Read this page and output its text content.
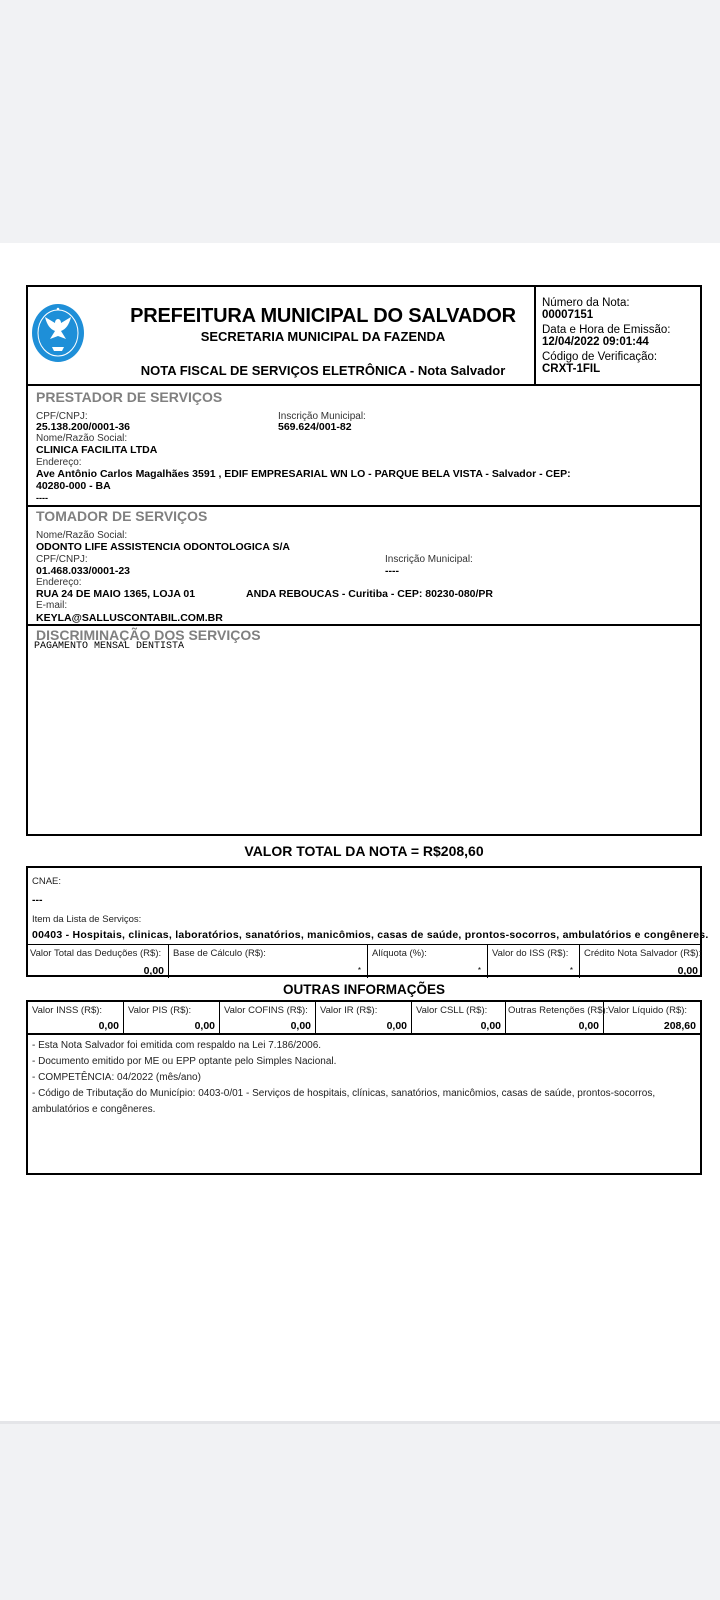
PREFEITURA MUNICIPAL DO SALVADOR
SECRETARIA MUNICIPAL DA FAZENDA
NOTA FISCAL DE SERVIÇOS ELETRÔNICA - Nota Salvador
Número da Nota:
00007151
Data e Hora de Emissão:
12/04/2022 09:01:44
Código de Verificação:
CRXT-1FIL
PRESTADOR DE SERVIÇOS
CPF/CNPJ:
25.138.200/0001-36
Inscrição Municipal:
569.624/001-82
Nome/Razão Social:
CLINICA FACILITA LTDA
Endereço:
Ave Antônio Carlos Magalhães 3591 , EDIF EMPRESARIAL WN LO - PARQUE BELA VISTA - Salvador - CEP:
40280-000 - BA
----
TOMADOR DE SERVIÇOS
Nome/Razão Social:
ODONTO LIFE ASSISTENCIA ODONTOLOGICA S/A
CPF/CNPJ:
01.468.033/0001-23
Inscrição Municipal:
----
Endereço:
RUA 24 DE MAIO 1365, LOJA 01	ANDA REBOUCAS - Curitiba - CEP: 80230-080/PR
E-mail:
KEYLA@SALLUSCONTABIL.COM.BR
DISCRIMINAÇÃO DOS SERVIÇOS
PAGAMENTO MENSAL DENTISTA
VALOR TOTAL DA NOTA = R$208,60
CNAE:
---
Item da Lista de Serviços:
00403 - Hospitais, clinicas, laboratórios, sanatórios, manicômios, casas de saúde, prontos-socorros, ambulatórios e congêneres.
Valor Total das Deduções (R$):
0,00
Base de Cálculo (R$):
*
Alíquota (%):
*
Valor do ISS (R$):
*
Crédito Nota Salvador (R$):
0,00
OUTRAS INFORMAÇÕES
Valor INSS (R$):
0,00
Valor PIS (R$):
0,00
Valor COFINS (R$):
0,00
Valor IR (R$):
0,00
Valor CSLL (R$):
0,00
Outras Retenções (R$):
0,00
Valor Líquido (R$):
208,60
- Esta Nota Salvador foi emitida com respaldo na Lei 7.186/2006.
- Documento emitido por ME ou EPP optante pelo Simples Nacional.
- COMPETÊNCIA: 04/2022 (mês/ano)
- Código de Tributação do Município: 0403-0/01 - Serviços de hospitais, clínicas, sanatórios, manicômios, casas de saúde, prontos-socorros,
ambulatórios e congêneres.
